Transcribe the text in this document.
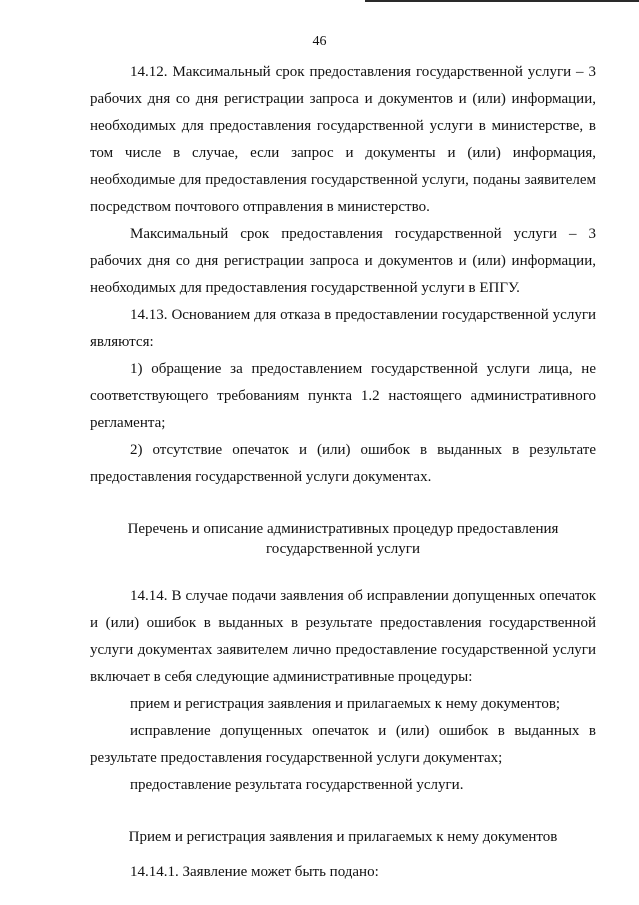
46

14.12. Максимальный срок предоставления государственной услуги – 3 рабочих дня со дня регистрации запроса и документов и (или) информации, необходимых для предоставления государственной услуги в министерстве, в том числе в случае, если запрос и документы и (или) информация, необходимые для предоставления государственной услуги, поданы заявителем посредством почтового отправления в министерство.

Максимальный срок предоставления государственной услуги – 3 рабочих дня со дня регистрации запроса и документов и (или) информации, необходимых для предоставления государственной услуги в ЕПГУ.

14.13. Основанием для отказа в предоставлении государственной услуги являются:

1) обращение за предоставлением государственной услуги лица, не соответствующего требованиям пункта 1.2 настоящего административного регламента;

2) отсутствие опечаток и (или) ошибок в выданных в результате предоставления государственной услуги документах.

Перечень и описание административных процедур предоставления государственной услуги

14.14. В случае подачи заявления об исправлении допущенных опечаток и (или) ошибок в выданных в результате предоставления государственной услуги документах заявителем лично предоставление государственной услуги включает в себя следующие административные процедуры:

прием и регистрация заявления и прилагаемых к нему документов;

исправление допущенных опечаток и (или) ошибок в выданных в результате предоставления государственной услуги документах;

предоставление результата государственной услуги.

Прием и регистрация заявления и прилагаемых к нему документов

14.14.1. Заявление может быть подано:
